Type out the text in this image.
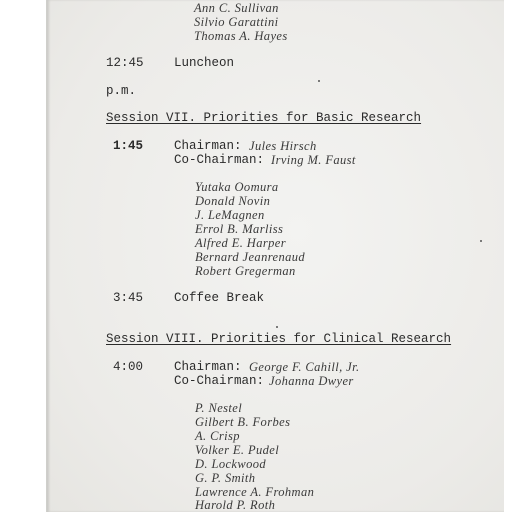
Ann C. Sullivan
Silvio Garattini
Thomas A. Hayes
12:45 Luncheon
p.m.
Session VII. Priorities for Basic Research
1:45 Chairman: Jules Hirsch
Co-Chairman: Irving M. Faust
Yutaka Oomura
Donald Novin
J. LeMagnen
Errol B. Marliss
Alfred E. Harper
Bernard Jeanrenaud
Robert Gregerman
3:45 Coffee Break
Session VIII. Priorities for Clinical Research
4:00 Chairman: George F. Cahill, Jr.
Co-Chairman: Johanna Dwyer
P. Nestel
Gilbert B. Forbes
A. Crisp
Volker E. Pudel
D. Lockwood
G. P. Smith
Lawrence A. Frohman
Harold P. Roth
